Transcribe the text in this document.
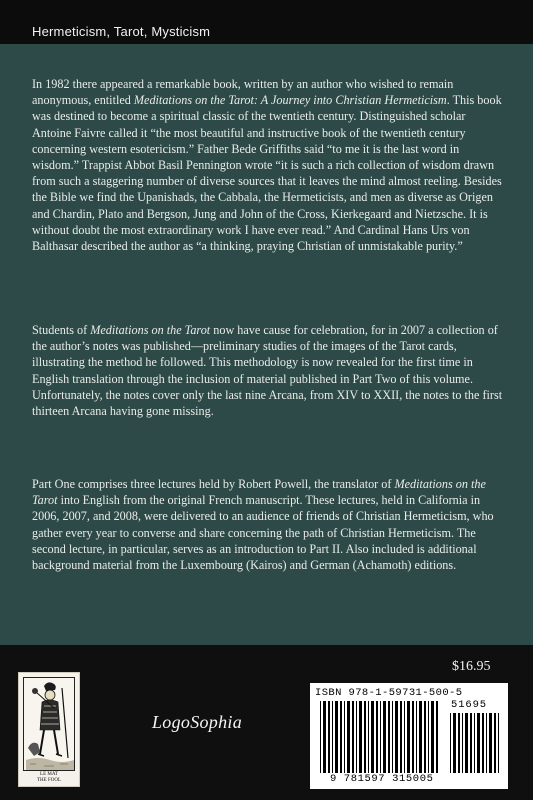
Hermeticism, Tarot, Mysticism

In 1982 there appeared a remarkable book, written by an author who wished to remain anonymous, entitled Meditations on the Tarot: A Journey into Christian Hermeticism. This book was destined to become a spiritual classic of the twentieth century. Distinguished scholar Antoine Faivre called it “the most beautiful and instructive book of the twentieth century concerning western esotericism.” Father Bede Griffiths said “to me it is the last word in wisdom.” Trappist Abbot Basil Pennington wrote “it is such a rich collection of wisdom drawn from such a staggering number of diverse sources that it leaves the mind almost reeling. Besides the Bible we find the Upanishads, the Cabbala, the Hermeticists, and men as diverse as Origen and Chardin, Plato and Bergson, Jung and John of the Cross, Kierkegaard and Nietzsche. It is without doubt the most extraordinary work I have ever read.” And Cardinal Hans Urs von Balthasar described the author as “a thinking, praying Christian of unmistakable purity.”

Students of Meditations on the Tarot now have cause for celebration, for in 2007 a collection of the author’s notes was published—preliminary studies of the images of the Tarot cards, illustrating the method he followed. This methodology is now revealed for the first time in English translation through the inclusion of material published in Part Two of this volume. Unfortunately, the notes cover only the last nine Arcana, from XIV to XXII, the notes to the first thirteen Arcana having gone missing.

Part One comprises three lectures held by Robert Powell, the translator of Meditations on the Tarot into English from the original French manuscript. These lectures, held in California in 2006, 2007, and 2008, were delivered to an audience of friends of Christian Hermeticism, who gather every year to converse and share concerning the path of Christian Hermeticism. The second lecture, in particular, serves as an introduction to Part II. Also included is additional background material from the Luxembourg (Kairos) and German (Achamoth) editions.

LE MAT
THE FOOL
LogoSophia
$16.95
ISBN 978-1-59731-500-5
51695
9 781597 315005
